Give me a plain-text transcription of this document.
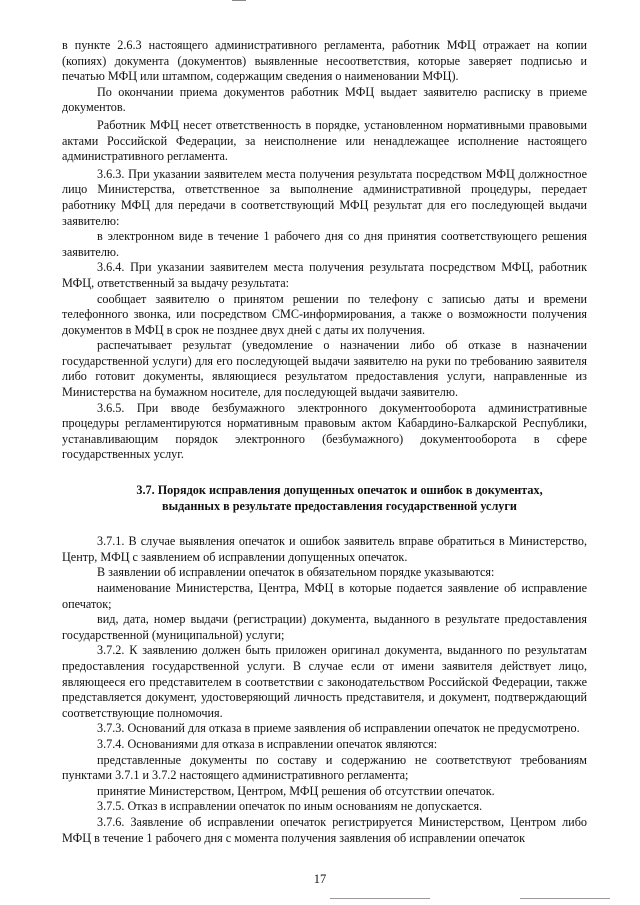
в пункте 2.6.3 настоящего административного регламента, работник МФЦ отражает на копии (копиях) документа (документов) выявленные несоответствия, которые заверяет подписью и печатью МФЦ или штампом, содержащим сведения о наименовании МФЦ).

По окончании приема документов работник МФЦ выдает заявителю расписку в приеме документов.

Работник МФЦ несет ответственность в порядке, установленном нормативными правовыми актами Российской Федерации, за неисполнение или ненадлежащее исполнение настоящего административного регламента.

3.6.3. При указании заявителем места получения результата посредством МФЦ должностное лицо Министерства, ответственное за выполнение административной процедуры, передает работнику МФЦ для передачи в соответствующий МФЦ результат для его последующей выдачи заявителю:

в электронном виде в течение 1 рабочего дня со дня принятия соответствующего решения заявителю.

3.6.4. При указании заявителем места получения результата посредством МФЦ, работник МФЦ, ответственный за выдачу результата:

сообщает заявителю о принятом решении по телефону с записью даты и времени телефонного звонка, или посредством СМС-информирования, а также о возможности получения документов в МФЦ в срок не позднее двух дней с даты их получения.

распечатывает результат (уведомление о назначении либо об отказе в назначении государственной услуги) для его последующей выдачи заявителю на руки по требованию заявителя либо готовит документы, являющиеся результатом предоставления услуги, направленные из Министерства на бумажном носителе, для последующей выдачи заявителю.

3.6.5. При вводе безбумажного электронного документооборота административные процедуры регламентируются нормативным правовым актом Кабардино-Балкарской Республики, устанавливающим порядок электронного (безбумажного) документооборота в сфере государственных услуг.

3.7. Порядок исправления допущенных опечаток и ошибок в документах, выданных в результате предоставления государственной услуги

3.7.1. В случае выявления опечаток и ошибок заявитель вправе обратиться в Министерство, Центр, МФЦ с заявлением об исправлении допущенных опечаток.

В заявлении об исправлении опечаток в обязательном порядке указываются:

наименование Министерства, Центра, МФЦ в которые подается заявление об исправление опечаток;

вид, дата, номер выдачи (регистрации) документа, выданного в результате предоставления государственной (муниципальной) услуги;

3.7.2. К заявлению должен быть приложен оригинал документа, выданного по результатам предоставления государственной услуги. В случае если от имени заявителя действует лицо, являющееся его представителем в соответствии с законодательством Российской Федерации, также представляется документ, удостоверяющий личность представителя, и документ, подтверждающий соответствующие полномочия.

3.7.3. Оснований для отказа в приеме заявления об исправлении опечаток не предусмотрено.

3.7.4. Основаниями для отказа в исправлении опечаток являются:

представленные документы по составу и содержанию не соответствуют требованиям пунктами 3.7.1 и 3.7.2 настоящего административного регламента;

принятие Министерством, Центром, МФЦ решения об отсутствии опечаток.

3.7.5. Отказ в исправлении опечаток по иным основаниям не допускается.

3.7.6. Заявление об исправлении опечаток регистрируется Министерством, Центром либо МФЦ в течение 1 рабочего дня с момента получения заявления об исправлении опечаток

17
